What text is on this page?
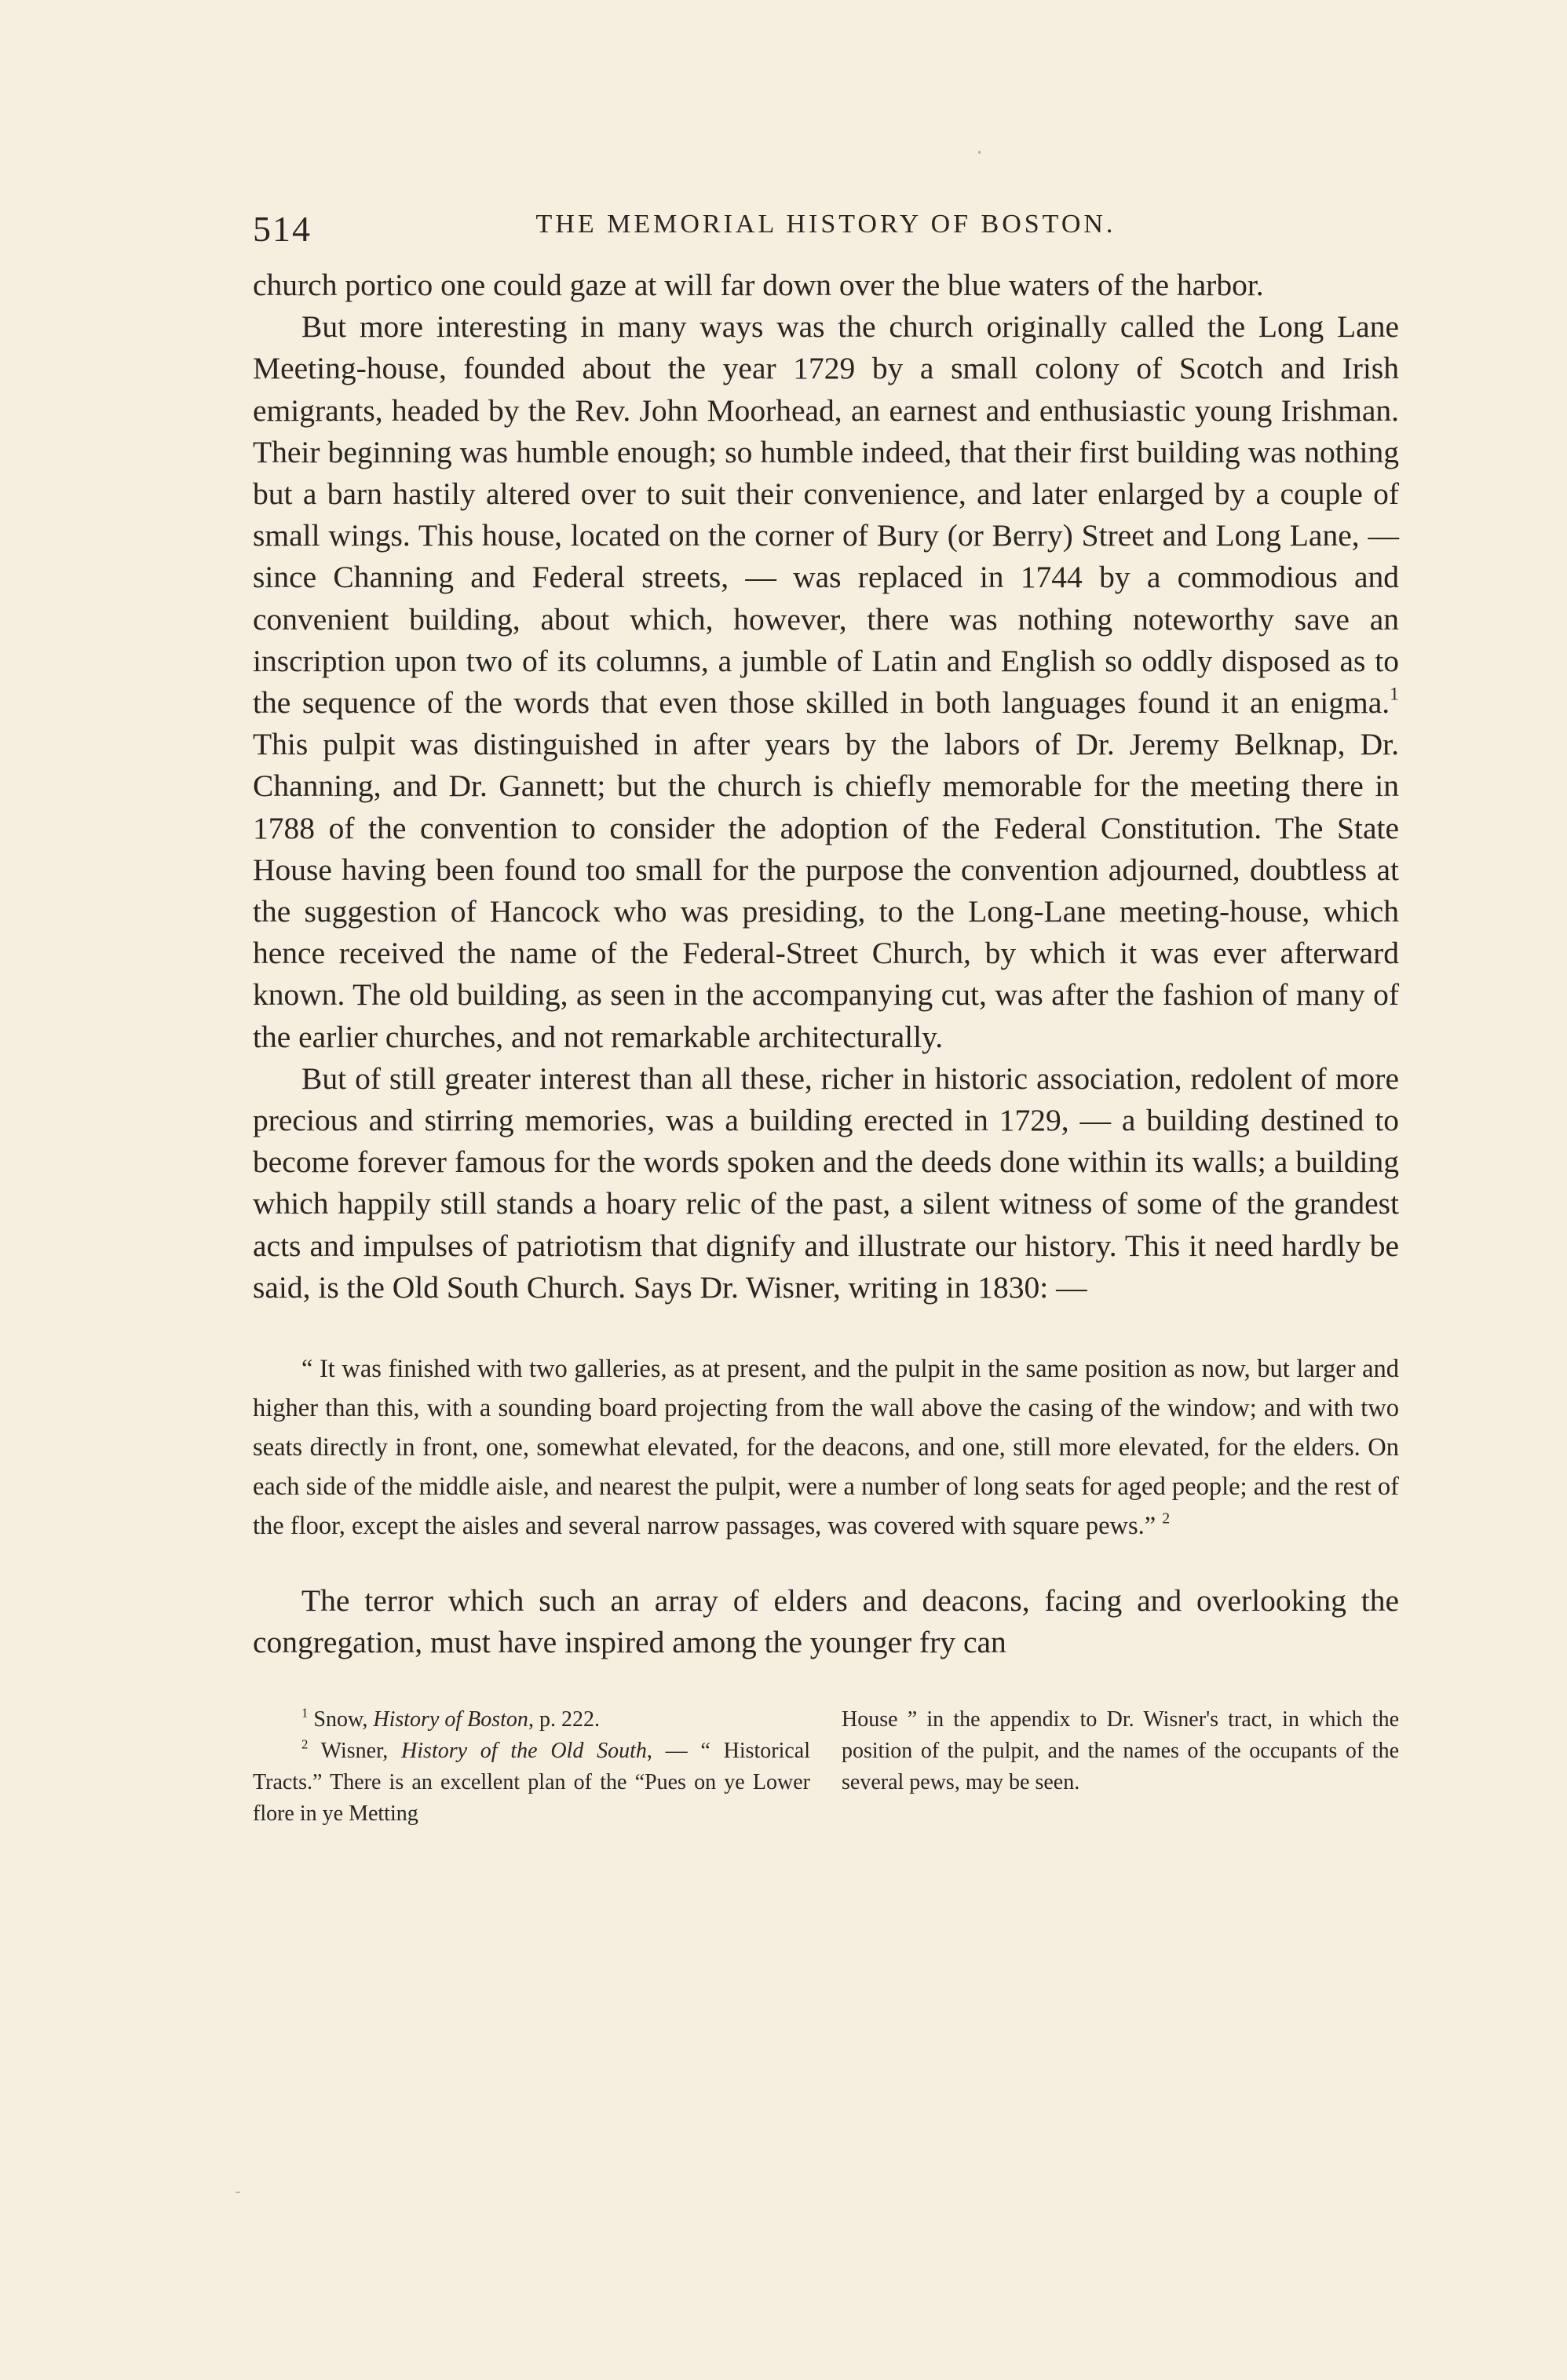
514	THE MEMORIAL HISTORY OF BOSTON.

church portico one could gaze at will far down over the blue waters of the harbor.

But more interesting in many ways was the church originally called the Long Lane Meeting-house, founded about the year 1729 by a small colony of Scotch and Irish emigrants, headed by the Rev. John Moorhead, an earnest and enthusiastic young Irishman. Their beginning was humble enough; so humble indeed, that their first building was nothing but a barn hastily altered over to suit their convenience, and later enlarged by a couple of small wings. This house, located on the corner of Bury (or Berry) Street and Long Lane, — since Channing and Federal streets, — was replaced in 1744 by a commodious and convenient building, about which, however, there was nothing noteworthy save an inscription upon two of its columns, a jumble of Latin and English so oddly disposed as to the sequence of the words that even those skilled in both languages found it an enigma.$^1$ This pulpit was distinguished in after years by the labors of Dr. Jeremy Belknap, Dr. Channing, and Dr. Gannett; but the church is chiefly memorable for the meeting there in 1788 of the convention to consider the adoption of the Federal Constitution. The State House having been found too small for the purpose the convention adjourned, doubtless at the suggestion of Hancock who was presiding, to the Long-Lane meeting-house, which hence received the name of the Federal-Street Church, by which it was ever afterward known. The old building, as seen in the accompanying cut, was after the fashion of many of the earlier churches, and not remarkable architecturally.

But of still greater interest than all these, richer in historic association, redolent of more precious and stirring memories, was a building erected in 1729, — a building destined to become forever famous for the words spoken and the deeds done within its walls; a building which happily still stands a hoary relic of the past, a silent witness of some of the grandest acts and impulses of patriotism that dignify and illustrate our history. This it need hardly be said, is the Old South Church. Says Dr. Wisner, writing in 1830: —

“ It was finished with two galleries, as at present, and the pulpit in the same position as now, but larger and higher than this, with a sounding board projecting from the wall above the casing of the window; and with two seats directly in front, one, somewhat elevated, for the deacons, and one, still more elevated, for the elders. On each side of the middle aisle, and nearest the pulpit, were a number of long seats for aged people; and the rest of the floor, except the aisles and several narrow passages, was covered with square pews.” $^2$

The terror which such an array of elders and deacons, facing and overlooking the congregation, must have inspired among the younger fry can

$^1$ Snow, History of Boston, p. 222.

$^2$ Wisner, History of the Old South, — “ Historical Tracts.” There is an excellent plan of the “Pues on ye Lower flore in ye Metting

House ” in the appendix to Dr. Wisner's tract, in which the position of the pulpit, and the names of the occupants of the several pews, may be seen.
